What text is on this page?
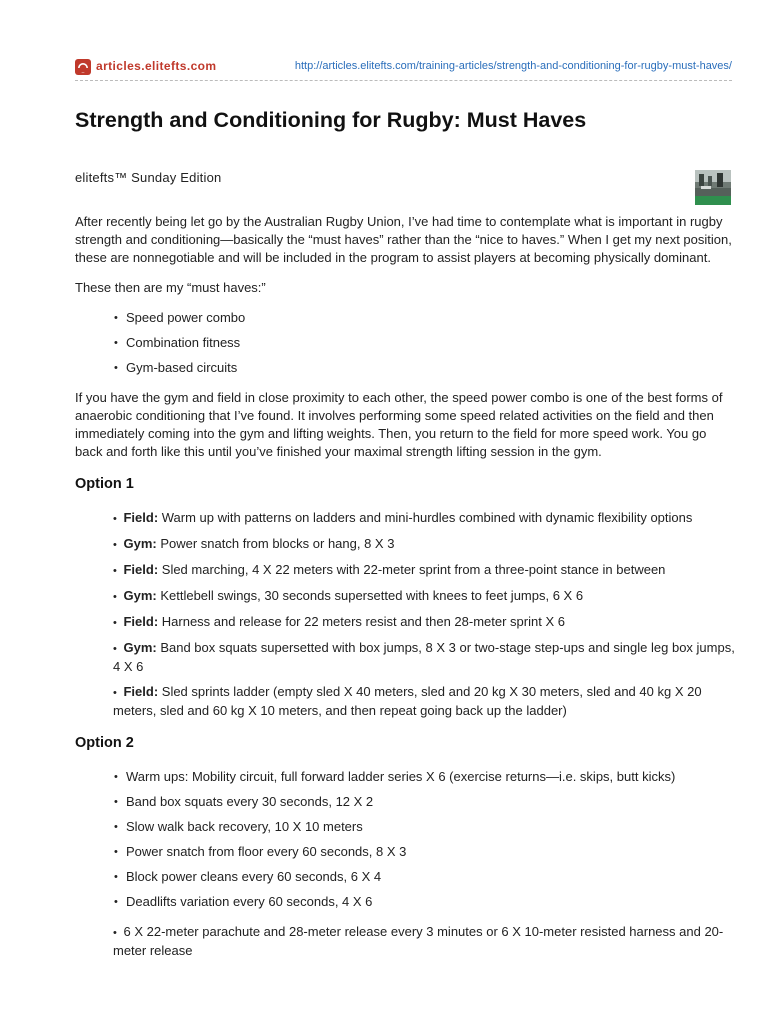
articles.elitefts.com	http://articles.elitefts.com/training-articles/strength-and-conditioning-for-rugby-must-haves/
Strength and Conditioning for Rugby: Must Haves
elitefts™ Sunday Edition

After recently being let go by the Australian Rugby Union, I’ve had time to contemplate what is important in rugby strength and conditioning—basically the “must haves” rather than the “nice to haves.” When I get my next position, these are nonnegotiable and will be included in the program to assist players at becoming physically dominant.

These then are my “must haves:”

• Speed power combo
• Combination fitness
• Gym-based circuits

If you have the gym and field in close proximity to each other, the speed power combo is one of the best forms of anaerobic conditioning that I’ve found. It involves performing some speed related activities on the field and then immediately coming into the gym and lifting weights. Then, you return to the field for more speed work. You go back and forth like this until you’ve finished your maximal strength lifting session in the gym.

Option 1
• Field: Warm up with patterns on ladders and mini-hurdles combined with dynamic flexibility options
• Gym: Power snatch from blocks or hang, 8 X 3
• Field: Sled marching, 4 X 22 meters with 22-meter sprint from a three-point stance in between
• Gym: Kettlebell swings, 30 seconds supersetted with knees to feet jumps, 6 X 6
• Field: Harness and release for 22 meters resist and then 28-meter sprint X 6
• Gym: Band box squats supersetted with box jumps, 8 X 3 or two-stage step-ups and single leg box jumps, 4 X 6
• Field: Sled sprints ladder (empty sled X 40 meters, sled and 20 kg X 30 meters, sled and 40 kg X 20 meters, sled and 60 kg X 10 meters, and then repeat going back up the ladder)
Option 2
• Warm ups: Mobility circuit, full forward ladder series X 6 (exercise returns—i.e. skips, butt kicks)
• Band box squats every 30 seconds, 12 X 2
• Slow walk back recovery, 10 X 10 meters
• Power snatch from floor every 60 seconds, 8 X 3
• Block power cleans every 60 seconds, 6 X 4
• Deadlifts variation every 60 seconds, 4 X 6
• 6 X 22-meter parachute and 28-meter release every 3 minutes or 6 X 10-meter resisted harness and 20-meter release
